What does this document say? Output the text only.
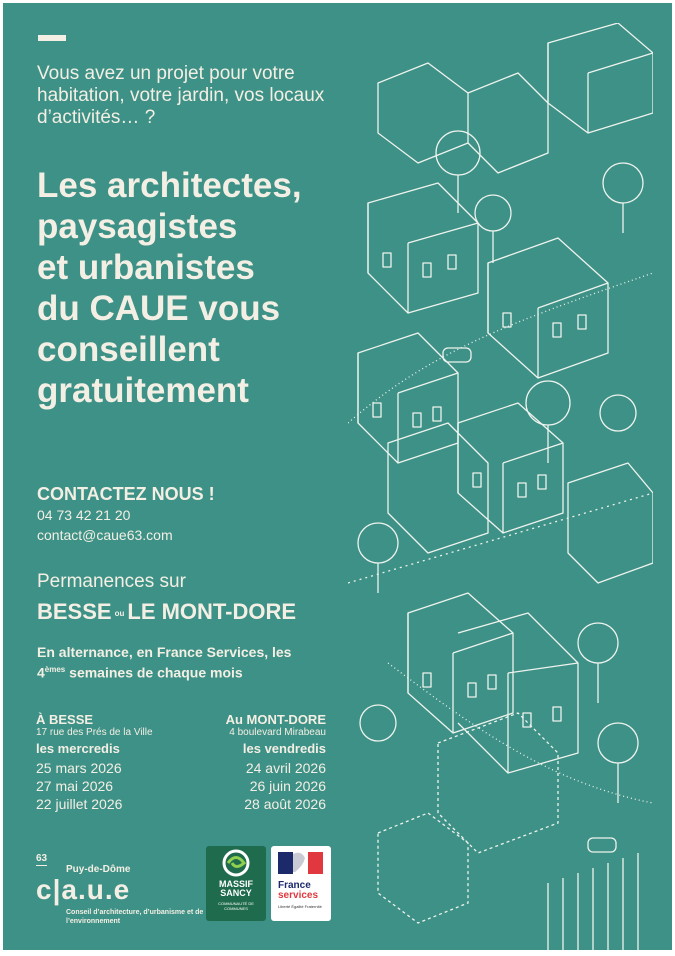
Vous avez un projet pour votre habitation, votre jardin, vos locaux d’activités… ?
Les architectes,
paysagistes
et urbanistes
du CAUE vous
conseillent
gratuitement
CONTACTEZ NOUS !
04 73 42 21 20
contact@caue63.com
Permanences sur
BESSE ou LE MONT-DORE
En alternance, en France Services, les
4èmes semaines de chaque mois
À BESSE
17 rue des Prés de la Ville
les mercredis
25 mars 2026
27 mai 2026
22 juillet 2026
Au MONT-DORE
4 boulevard Mirabeau
les vendredis
24 avril 2026
26 juin 2026
28 août 2026
63
Puy-de-Dôme
c|a.u.e
Conseil d’architecture, d’urbanisme et de l’environnement
MASSIF SANCY
COMMUNAUTÉ DE COMMUNES
France
services
Liberté Égalité Fraternité
